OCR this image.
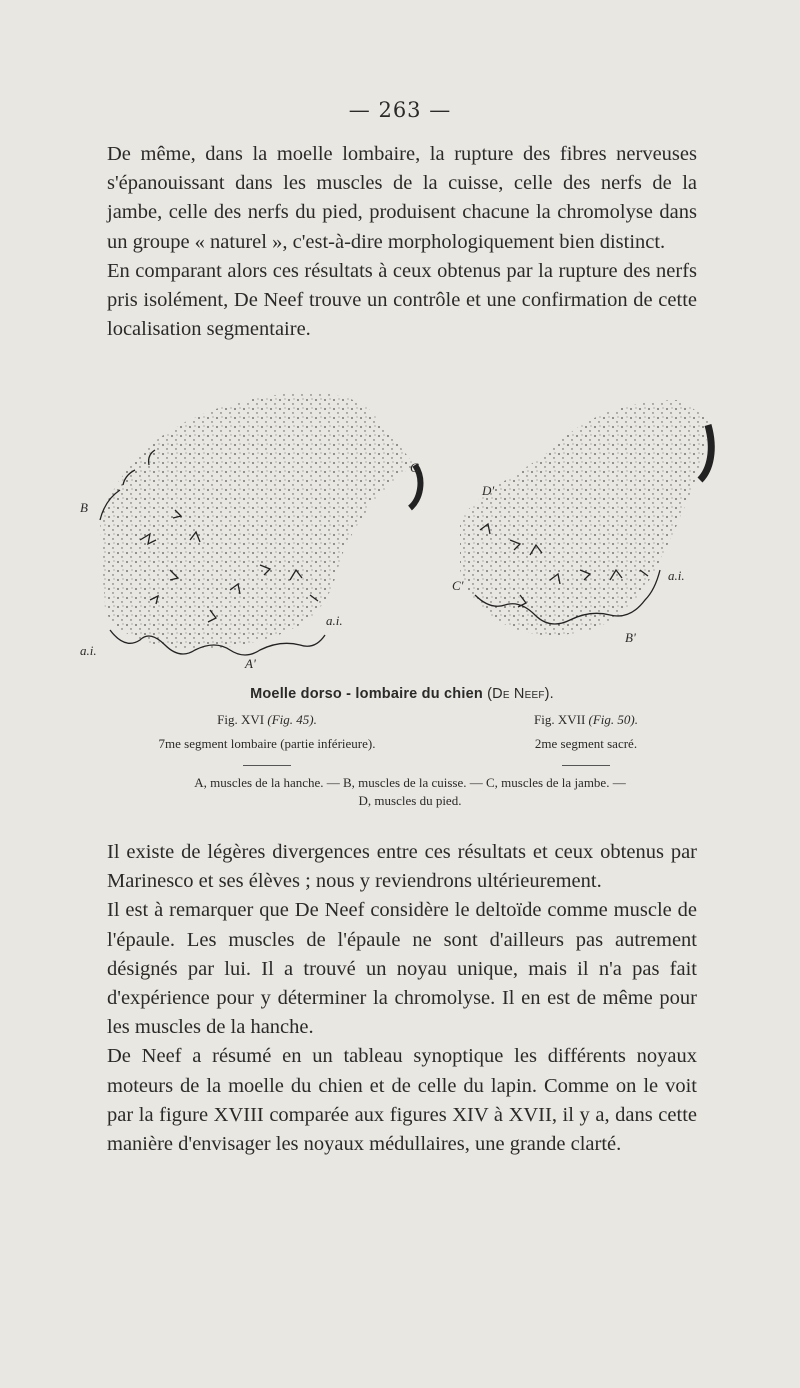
— 263 —

De même, dans la moelle lombaire, la rupture des fibres nerveuses s'épanouissant dans les muscles de la cuisse, celle des nerfs de la jambe, celle des nerfs du pied, produisent chacune la chromolyse dans un groupe « naturel », c'est-à-dire morphologiquement bien distinct.

En comparant alors ces résultats à ceux obtenus par la rupture des nerfs pris isolément, De Neef trouve un contrôle et une confirmation de cette localisation segmentaire.

B
a.i.
a.i.
A'
C
D'
a.i.
B'
C'
Moelle dorso - lombaire du chien (De Neef).
Fig. XVI (Fig. 45).	Fig. XVII (Fig. 50).
7me segment lombaire (partie inférieure).	2me segment sacré.
A, muscles de la hanche. — B, muscles de la cuisse. — C, muscles de la jambe. —
D, muscles du pied.

Il existe de légères divergences entre ces résultats et ceux obtenus par Marinesco et ses élèves ; nous y reviendrons ultérieurement.

Il est à remarquer que De Neef considère le deltoïde comme muscle de l'épaule. Les muscles de l'épaule ne sont d'ailleurs pas autrement désignés par lui. Il a trouvé un noyau unique, mais il n'a pas fait d'expérience pour y déterminer la chromolyse. Il en est de même pour les muscles de la hanche.

De Neef a résumé en un tableau synoptique les différents noyaux moteurs de la moelle du chien et de celle du lapin. Comme on le voit par la figure XVIII comparée aux figures XIV à XVII, il y a, dans cette manière d'envisager les noyaux médullaires, une grande clarté.
